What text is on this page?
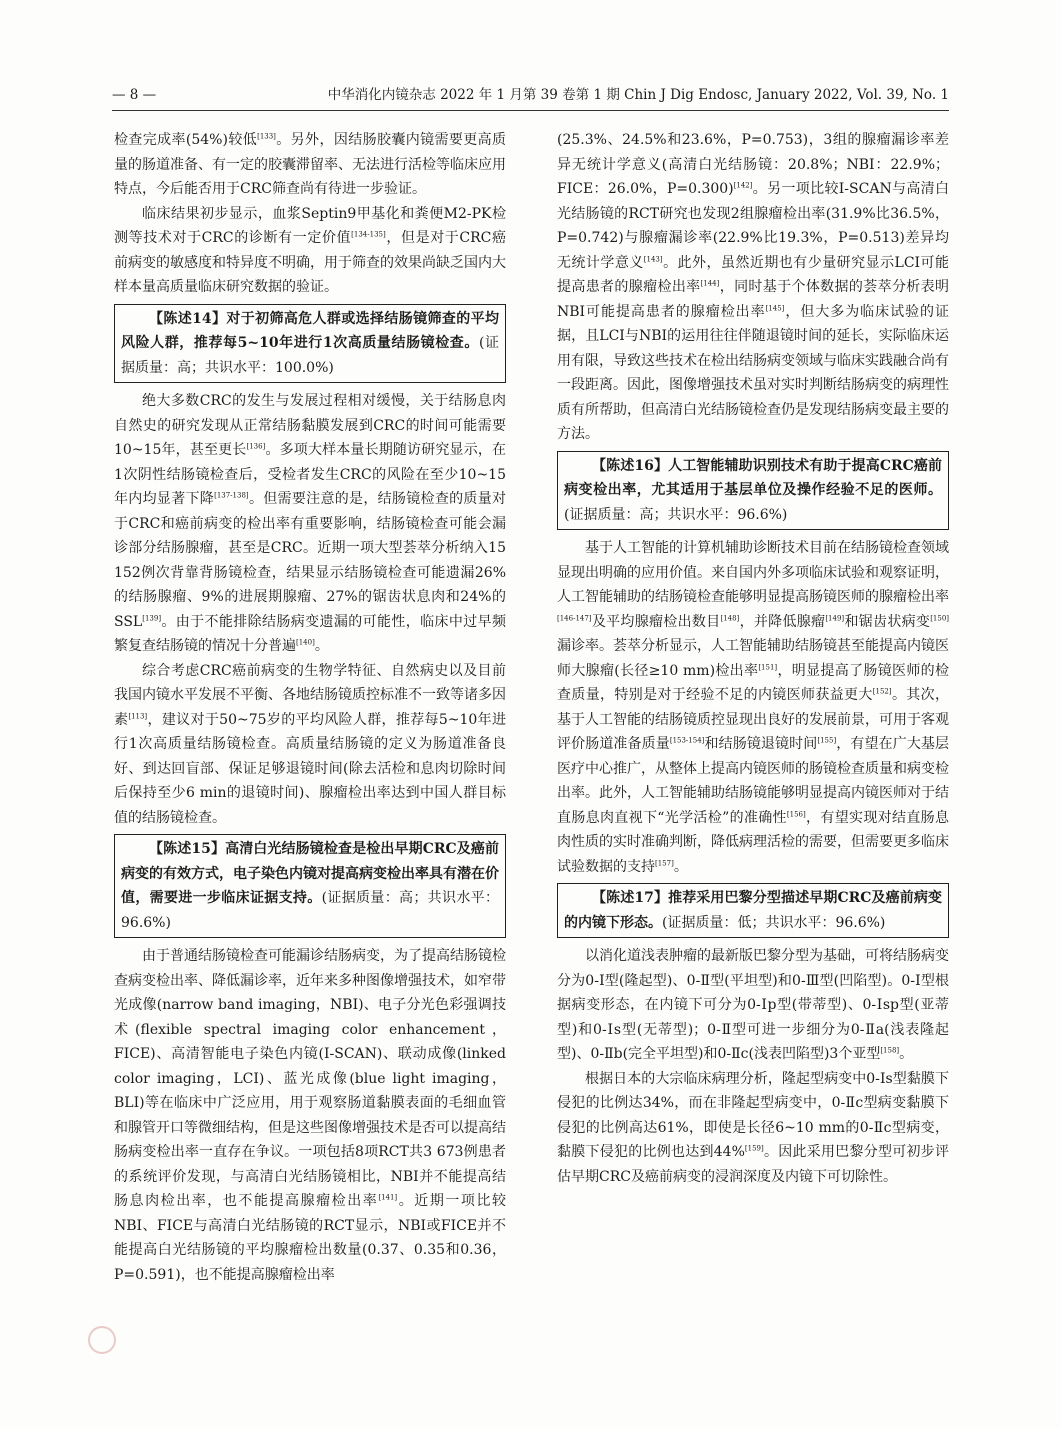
— 8 —	中华消化内镜杂志 2022 年 1 月第 39 卷第 1 期 Chin J Dig Endosc, January 2022, Vol. 39, No. 1

检查完成率(54%)较低[133]。另外，因结肠胶囊内镜需要更高质量的肠道准备、有一定的胶囊滞留率、无法进行活检等临床应用特点，今后能否用于CRC筛查尚有待进一步验证。

临床结果初步显示，血浆Septin9甲基化和粪便M2-PK检测等技术对于CRC的诊断有一定价值[134-135]，但是对于CRC癌前病变的敏感度和特异度不明确，用于筛查的效果尚缺乏国内大样本量高质量临床研究数据的验证。

【陈述14】对于初筛高危人群或选择结肠镜筛查的平均风险人群，推荐每5~10年进行1次高质量结肠镜检查。(证据质量：高；共识水平：100.0%)

绝大多数CRC的发生与发展过程相对缓慢，关于结肠息肉自然史的研究发现从正常结肠黏膜发展到CRC的时间可能需要10~15年，甚至更长[136]。多项大样本量长期随访研究显示，在1次阴性结肠镜检查后，受检者发生CRC的风险在至少10~15年内均显著下降[137-138]。但需要注意的是，结肠镜检查的质量对于CRC和癌前病变的检出率有重要影响，结肠镜检查可能会漏诊部分结肠腺瘤，甚至是CRC。近期一项大型荟萃分析纳入15 152例次背靠背肠镜检查，结果显示结肠镜检查可能遗漏26%的结肠腺瘤、9%的进展期腺瘤、27%的锯齿状息肉和24%的SSL[139]。由于不能排除结肠病变遗漏的可能性，临床中过早频繁复查结肠镜的情况十分普遍[140]。

综合考虑CRC癌前病变的生物学特征、自然病史以及目前我国内镜水平发展不平衡、各地结肠镜质控标准不一致等诸多因素[113]，建议对于50~75岁的平均风险人群，推荐每5~10年进行1次高质量结肠镜检查。高质量结肠镜的定义为肠道准备良好、到达回盲部、保证足够退镜时间(除去活检和息肉切除时间后保持至少6 min的退镜时间)、腺瘤检出率达到中国人群目标值的结肠镜检查。

【陈述15】高清白光结肠镜检查是检出早期CRC及癌前病变的有效方式，电子染色内镜对提高病变检出率具有潜在价值，需要进一步临床证据支持。(证据质量：高；共识水平：96.6%)

由于普通结肠镜检查可能漏诊结肠病变，为了提高结肠镜检查病变检出率、降低漏诊率，近年来多种图像增强技术，如窄带光成像(narrow band imaging，NBI)、电子分光色彩强调技术(flexible spectral imaging color enhancement，FICE)、高清智能电子染色内镜(I-SCAN)、联动成像(linked color imaging，LCI)、蓝光成像(blue light imaging，BLI)等在临床中广泛应用，用于观察肠道黏膜表面的毛细血管和腺管开口等微细结构，但是这些图像增强技术是否可以提高结肠病变检出率一直存在争议。一项包括8项RCT共3 673例患者的系统评价发现，与高清白光结肠镜相比，NBI并不能提高结肠息肉检出率，也不能提高腺瘤检出率[141]。近期一项比较NBI、FICE与高清白光结肠镜的RCT显示，NBI或FICE并不能提高白光结肠镜的平均腺瘤检出数量(0.37、0.35和0.36，P=0.591)，也不能提高腺瘤检出率

(25.3%、24.5%和23.6%，P=0.753)，3组的腺瘤漏诊率差异无统计学意义(高清白光结肠镜：20.8%；NBI：22.9%；FICE：26.0%，P=0.300)[142]。另一项比较I-SCAN与高清白光结肠镜的RCT研究也发现2组腺瘤检出率(31.9%比36.5%，P=0.742)与腺瘤漏诊率(22.9%比19.3%，P=0.513)差异均无统计学意义[143]。此外，虽然近期也有少量研究显示LCI可能提高患者的腺瘤检出率[144]，同时基于个体数据的荟萃分析表明NBI可能提高患者的腺瘤检出率[145]，但大多为临床试验的证据，且LCI与NBI的运用往往伴随退镜时间的延长，实际临床运用有限，导致这些技术在检出结肠病变领域与临床实践融合尚有一段距离。因此，图像增强技术虽对实时判断结肠病变的病理性质有所帮助，但高清白光结肠镜检查仍是发现结肠病变最主要的方法。

【陈述16】人工智能辅助识别技术有助于提高CRC癌前病变检出率，尤其适用于基层单位及操作经验不足的医师。(证据质量：高；共识水平：96.6%)

基于人工智能的计算机辅助诊断技术目前在结肠镜检查领域显现出明确的应用价值。来自国内外多项临床试验和观察证明，人工智能辅助的结肠镜检查能够明显提高肠镜医师的腺瘤检出率[146-147]及平均腺瘤检出数目[148]，并降低腺瘤[149]和锯齿状病变[150]漏诊率。荟萃分析显示，人工智能辅助结肠镜甚至能提高内镜医师大腺瘤(长径≥10 mm)检出率[151]，明显提高了肠镜医师的检查质量，特别是对于经验不足的内镜医师获益更大[152]。其次，基于人工智能的结肠镜质控显现出良好的发展前景，可用于客观评价肠道准备质量[153-154]和结肠镜退镜时间[155]，有望在广大基层医疗中心推广，从整体上提高内镜医师的肠镜检查质量和病变检出率。此外，人工智能辅助结肠镜能够明显提高内镜医师对于结直肠息肉直视下“光学活检”的准确性[156]，有望实现对结直肠息肉性质的实时准确判断，降低病理活检的需要，但需要更多临床试验数据的支持[157]。

【陈述17】推荐采用巴黎分型描述早期CRC及癌前病变的内镜下形态。(证据质量：低；共识水平：96.6%)

以消化道浅表肿瘤的最新版巴黎分型为基础，可将结肠病变分为0-Ⅰ型(隆起型)、0-Ⅱ型(平坦型)和0-Ⅲ型(凹陷型)。0-Ⅰ型根据病变形态，在内镜下可分为0-Ⅰp型(带蒂型)、0-Ⅰsp型(亚蒂型)和0-Ⅰs型(无蒂型)；0-Ⅱ型可进一步细分为0-Ⅱa(浅表隆起型)、0-Ⅱb(完全平坦型)和0-Ⅱc(浅表凹陷型)3个亚型[158]。

根据日本的大宗临床病理分析，隆起型病变中0-Ⅰs型黏膜下侵犯的比例达34%，而在非隆起型病变中，0-Ⅱc型病变黏膜下侵犯的比例高达61%，即使是长径6~10 mm的0-Ⅱc型病变，黏膜下侵犯的比例也达到44%[159]。因此采用巴黎分型可初步评估早期CRC及癌前病变的浸润深度及内镜下可切除性。
